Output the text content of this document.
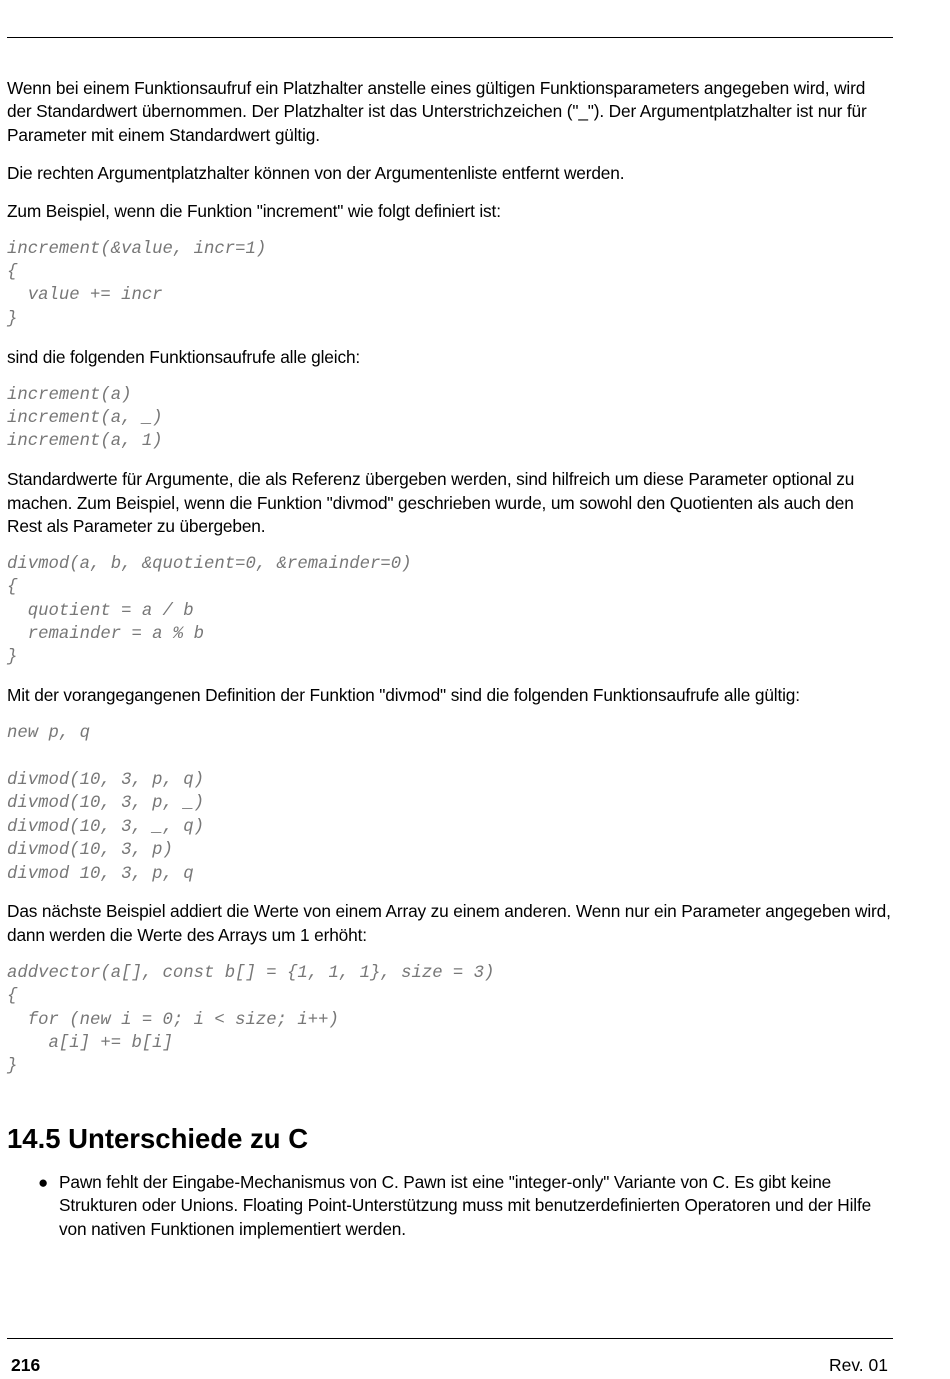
Wenn bei einem Funktionsaufruf ein Platzhalter anstelle eines gültigen Funktionsparameters angegeben wird, wird der Standardwert übernommen. Der Platzhalter ist das Unterstrichzeichen ("_"). Der Argumentplatzhalter ist nur für Parameter mit einem Standardwert gültig.

Die rechten Argumentplatzhalter können von der Argumentenliste entfernt werden.

Zum Beispiel, wenn die Funktion "increment" wie folgt definiert ist:

increment(&value, incr=1)
{
value += incr
}

sind die folgenden Funktionsaufrufe alle gleich:

increment(a)
increment(a, _)
increment(a, 1)

Standardwerte für Argumente, die als Referenz übergeben werden, sind hilfreich um diese Parameter optional zu machen. Zum Beispiel, wenn die Funktion "divmod" geschrieben wurde, um sowohl den Quotienten als auch den Rest als Parameter zu übergeben.

divmod(a, b, &quotient=0, &remainder=0)
{
quotient = a / b
remainder = a % b
}

Mit der vorangegangenen Definition der Funktion "divmod" sind die folgenden Funktionsaufrufe alle gültig:

new p, q
divmod(10, 3, p, q)
divmod(10, 3, p, _)
divmod(10, 3, _, q)
divmod(10, 3, p)
divmod 10, 3, p, q

Das nächste Beispiel addiert die Werte von einem Array zu einem anderen. Wenn nur ein Parameter angegeben wird, dann werden die Werte des Arrays um 1 erhöht:

addvector(a[], const b[] = {1, 1, 1}, size = 3)
{
for (new i = 0; i < size; i++)
a[i] += b[i]
}
14.5 Unterschiede zu C
● Pawn fehlt der Eingabe-Mechanismus von C. Pawn ist eine "integer-only" Variante von C. Es gibt keine Strukturen oder Unions. Floating Point-Unterstützung muss mit benutzerdefinierten Operatoren und der Hilfe von nativen Funktionen implementiert werden.
216	Rev. 01
